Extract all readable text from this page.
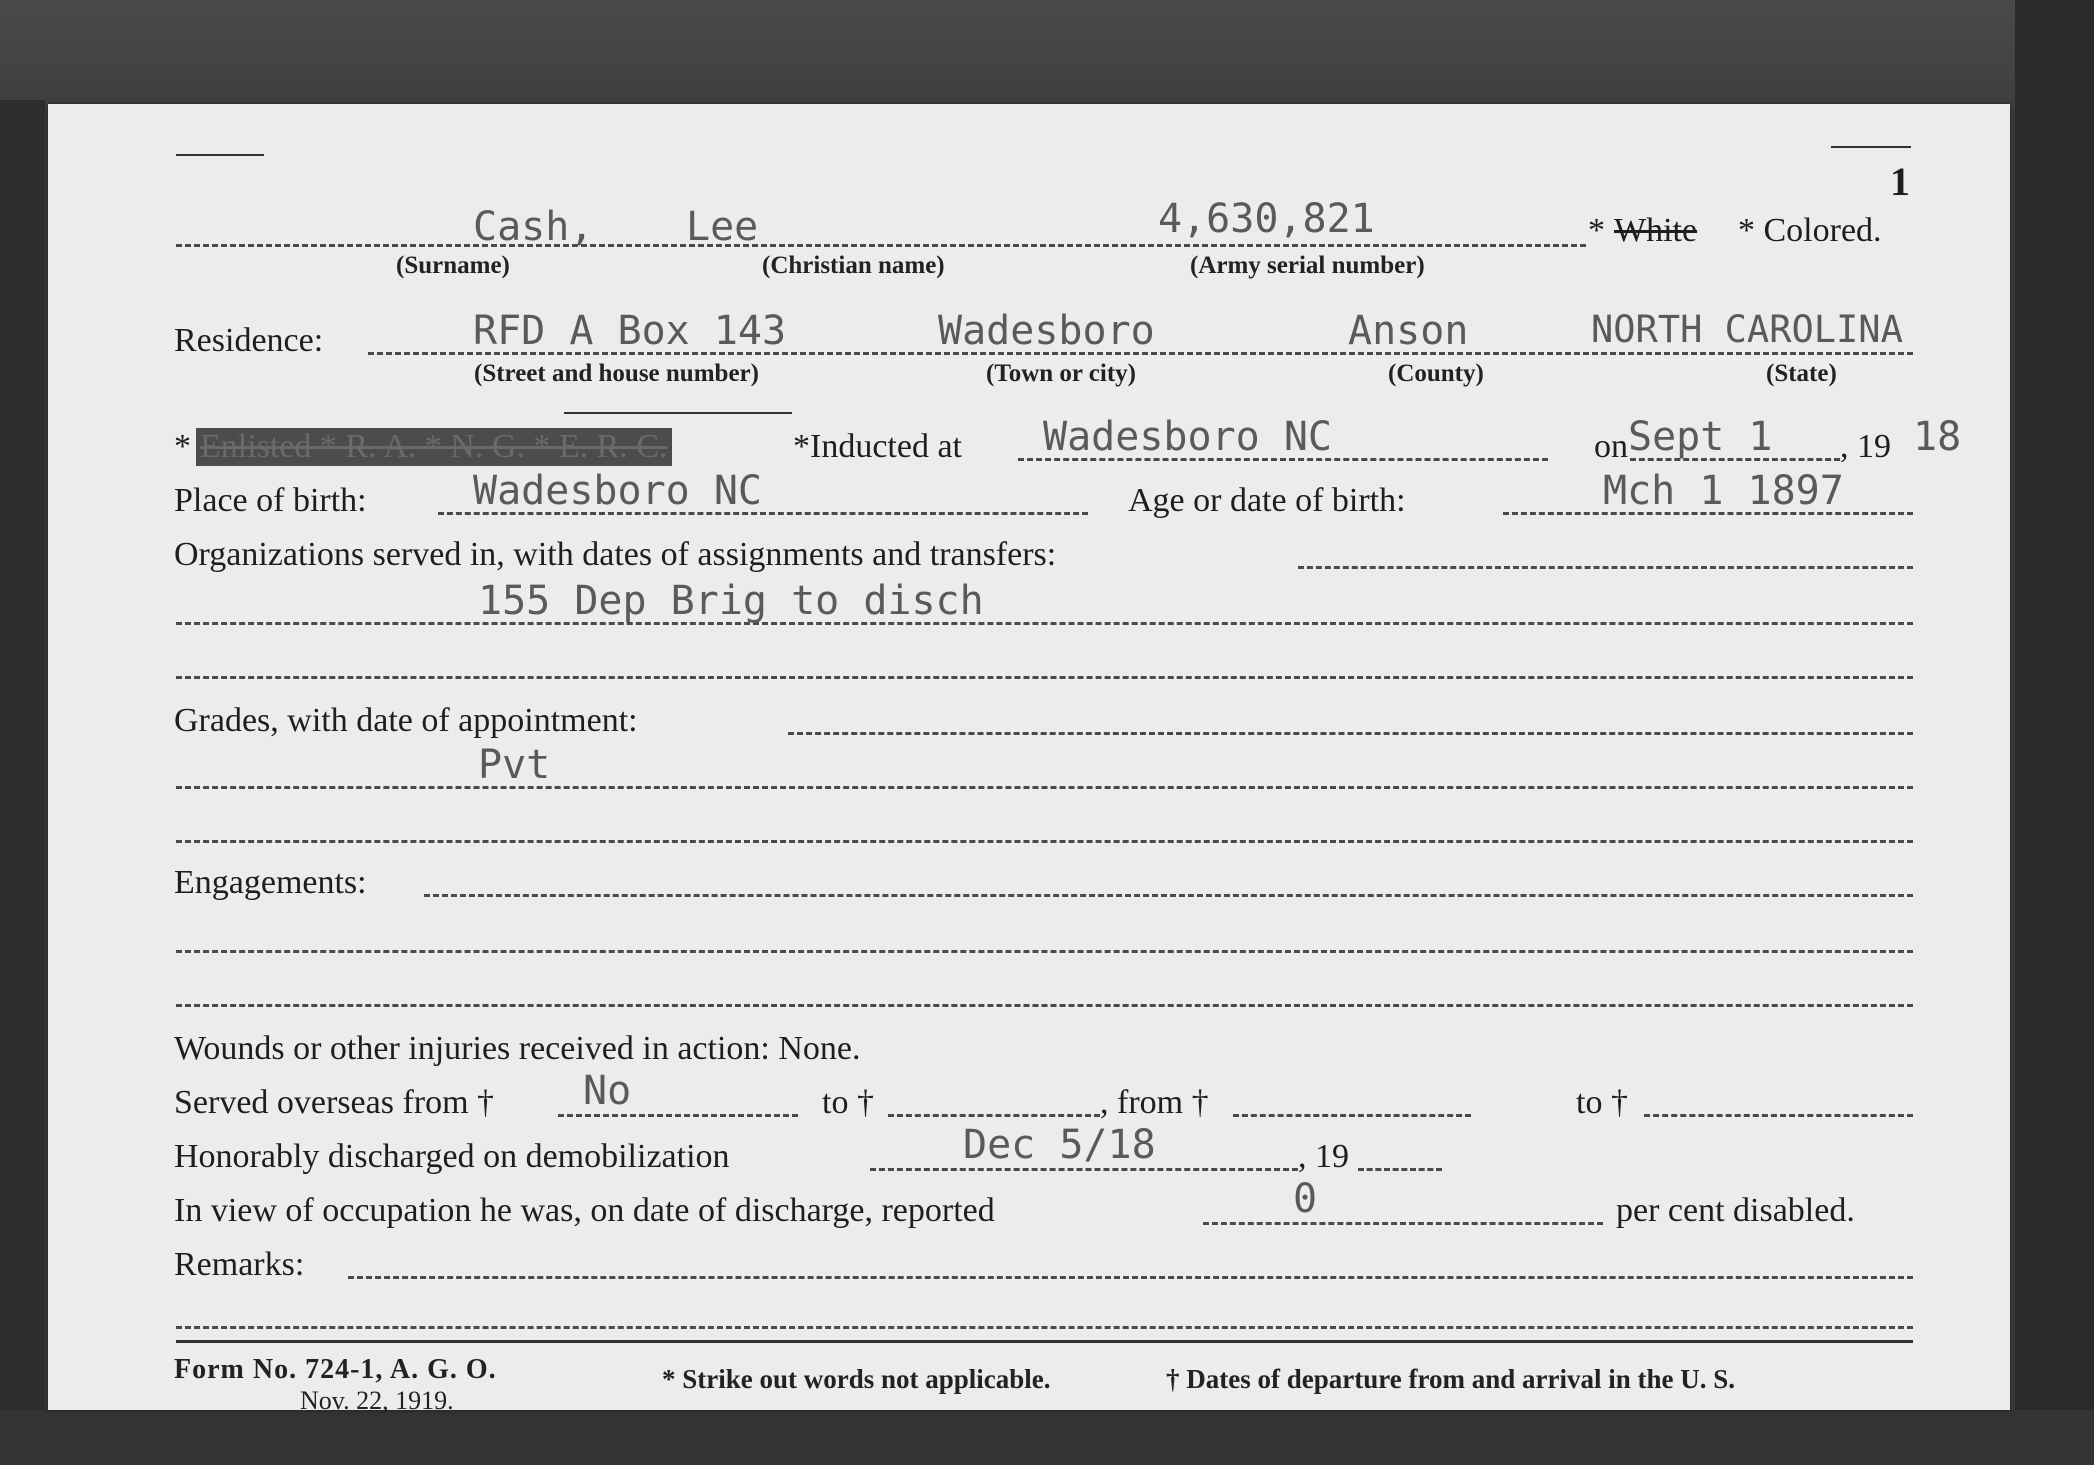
1
Cash, Lee	4,630,821	* White * Colored.
(Surname)	(Christian name)	(Army serial number)
Residence:	RFD A Box 143	Wadesboro	Anson	NORTH CAROLINA
(Street and house number)	(Town or city)	(County)	(State)
* Enlisted * R. A. * N. G. * E. R. C.	*Inducted at Wadesboro NC	on Sept 1 , 19 18
Place of birth:	Wadesboro NC	Age or date of birth:	Mch 1 1897
Organizations served in, with dates of assignments and transfers:
155 Dep Brig to disch
Grades, with date of appointment:
Pvt
Engagements:
Wounds or other injuries received in action: None.
Served overseas from † No	to †	, from †	to †
Honorably discharged on demobilization	Dec 5/18	, 19
In view of occupation he was, on date of discharge, reported	0	per cent disabled.
Remarks:
Form No. 724-1, A. G. O.
Nov. 22, 1919.
* Strike out words not applicable.	† Dates of departure from and arrival in the U. S.
